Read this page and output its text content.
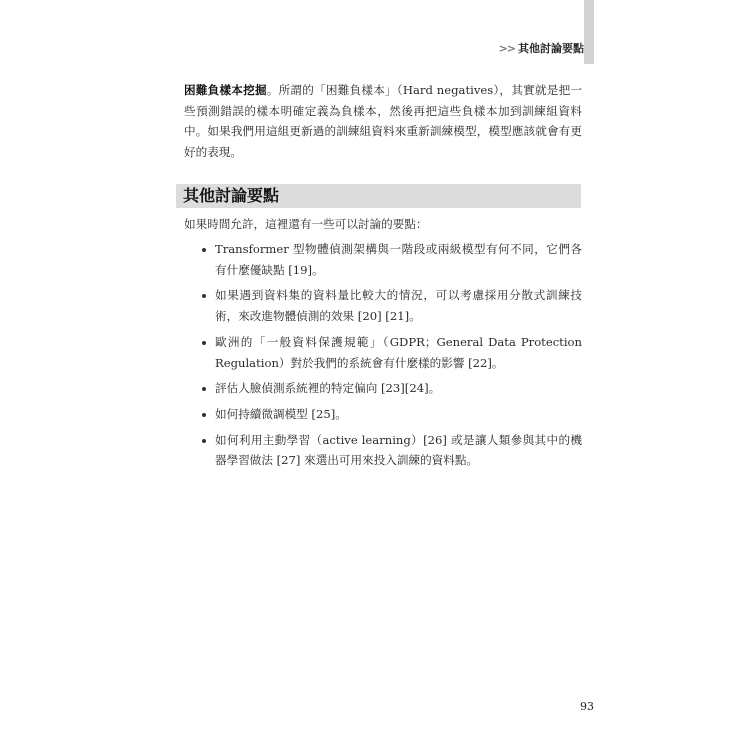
>> 其他討論要點
困難負樣本挖掘。所謂的「困難負樣本」（Hard negatives），其實就是把一些預測錯誤的樣本明確定義為負樣本，然後再把這些負樣本加到訓練組資料中。如果我們用這組更新過的訓練組資料來重新訓練模型，模型應該就會有更好的表現。
其他討論要點
如果時間允許，這裡還有一些可以討論的要點：
Transformer 型物體偵測架構與一階段或兩級模型有何不同，它們各有什麼優缺點 [19]。
如果遇到資料集的資料量比較大的情況，可以考慮採用分散式訓練技術，來改進物體偵測的效果 [20] [21]。
歐洲的「一般資料保護規範」（GDPR；General Data Protection Regulation）對於我們的系統會有什麼樣的影響 [22]。
評估人臉偵測系統裡的特定偏向 [23][24]。
如何持續微調模型 [25]。
如何利用主動學習（active learning）[26] 或是讓人類參與其中的機器學習做法 [27] 來選出可用來投入訓練的資料點。
93
